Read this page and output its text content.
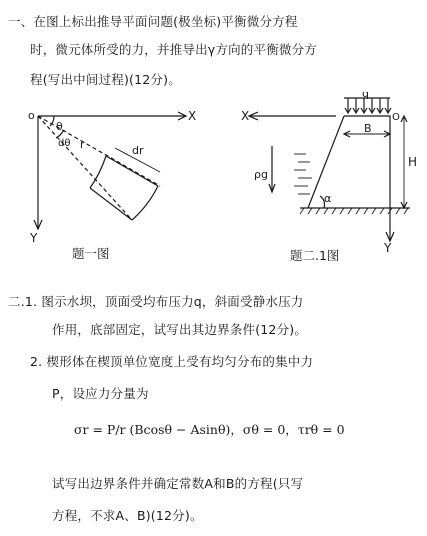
一、在图上标出推导平面问题(极坐标)平衡微分方程
时，微元体所受的力，并推导出γ方向的平衡微分方
程(写出中间过程)(12分)。
o	X
Y
θ
dθ r	dr
题一图
X	O
q
B
H
ρg
α
Y
题二.1图
二.1. 图示水坝，顶面受均布压力q，斜面受静水压力
作用，底部固定，试写出其边界条件(12分)。
2. 楔形体在楔顶单位宽度上受有均匀分布的集中力
P，设应力分量为
σr = P/r (Bcosθ − Asinθ)，σθ = 0，τrθ = 0
试写出边界条件并确定常数A和B的方程(只写
方程，不求A、B)(12分)。
